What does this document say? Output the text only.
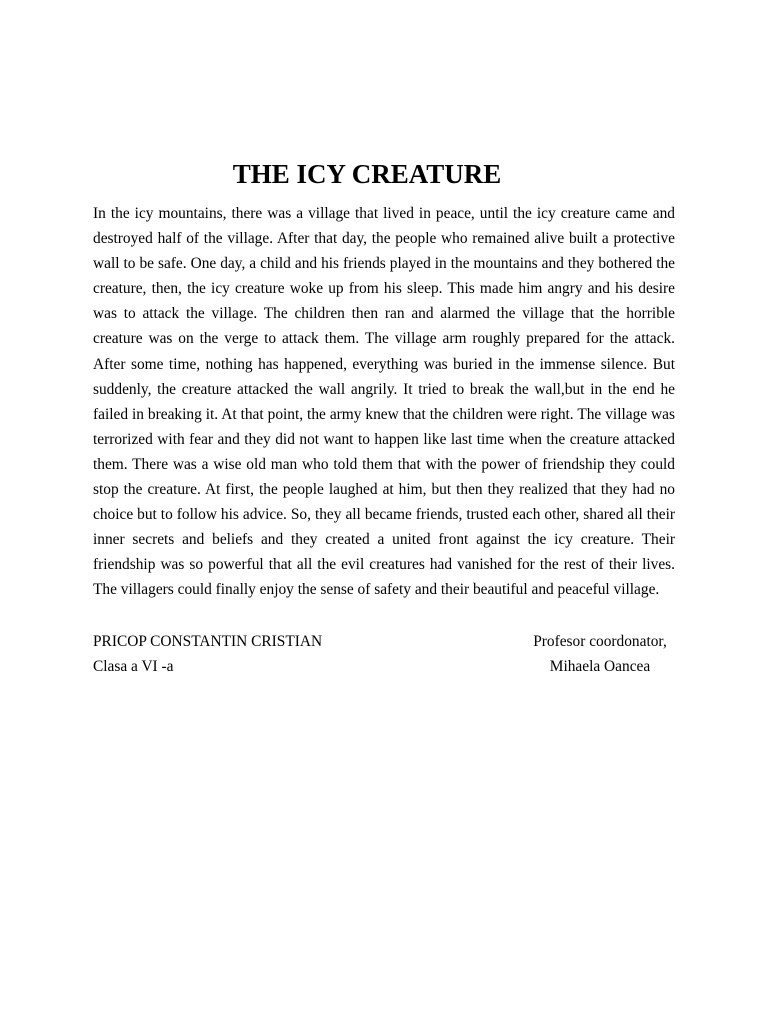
THE ICY CREATURE

In the icy mountains, there was a village that lived in peace, until the icy creature came and destroyed half of the village. After that day, the people who remained alive built a protective wall to be safe. One day, a child and his friends played in the mountains and they bothered the creature, then, the icy creature woke up from his sleep. This made him angry and his desire was to attack the village. The children then ran and alarmed the village that the horrible creature was on the verge to attack them. The village arm roughly prepared for the attack. After some time, nothing has happened, everything was buried in the immense silence. But suddenly, the creature attacked the wall angrily. It tried to break the wall,but in the end he failed in breaking it. At that point, the army knew that the children were right. The village was terrorized with fear and they did not want to happen like last time when the creature attacked them. There was a wise old man who told them that with the power of friendship they could stop the creature. At first, the people laughed at him, but then they realized that they had no choice but to follow his advice. So, they all became friends, trusted each other, shared all their inner secrets and beliefs and they created a united front against the icy creature. Their friendship was so powerful that all the evil creatures had vanished for the rest of their lives. The villagers could finally enjoy the sense of safety and their beautiful and peaceful village.

PRICOP CONSTANTIN CRISTIAN
Clasa a VI -a
Profesor coordonator,
Mihaela Oancea
